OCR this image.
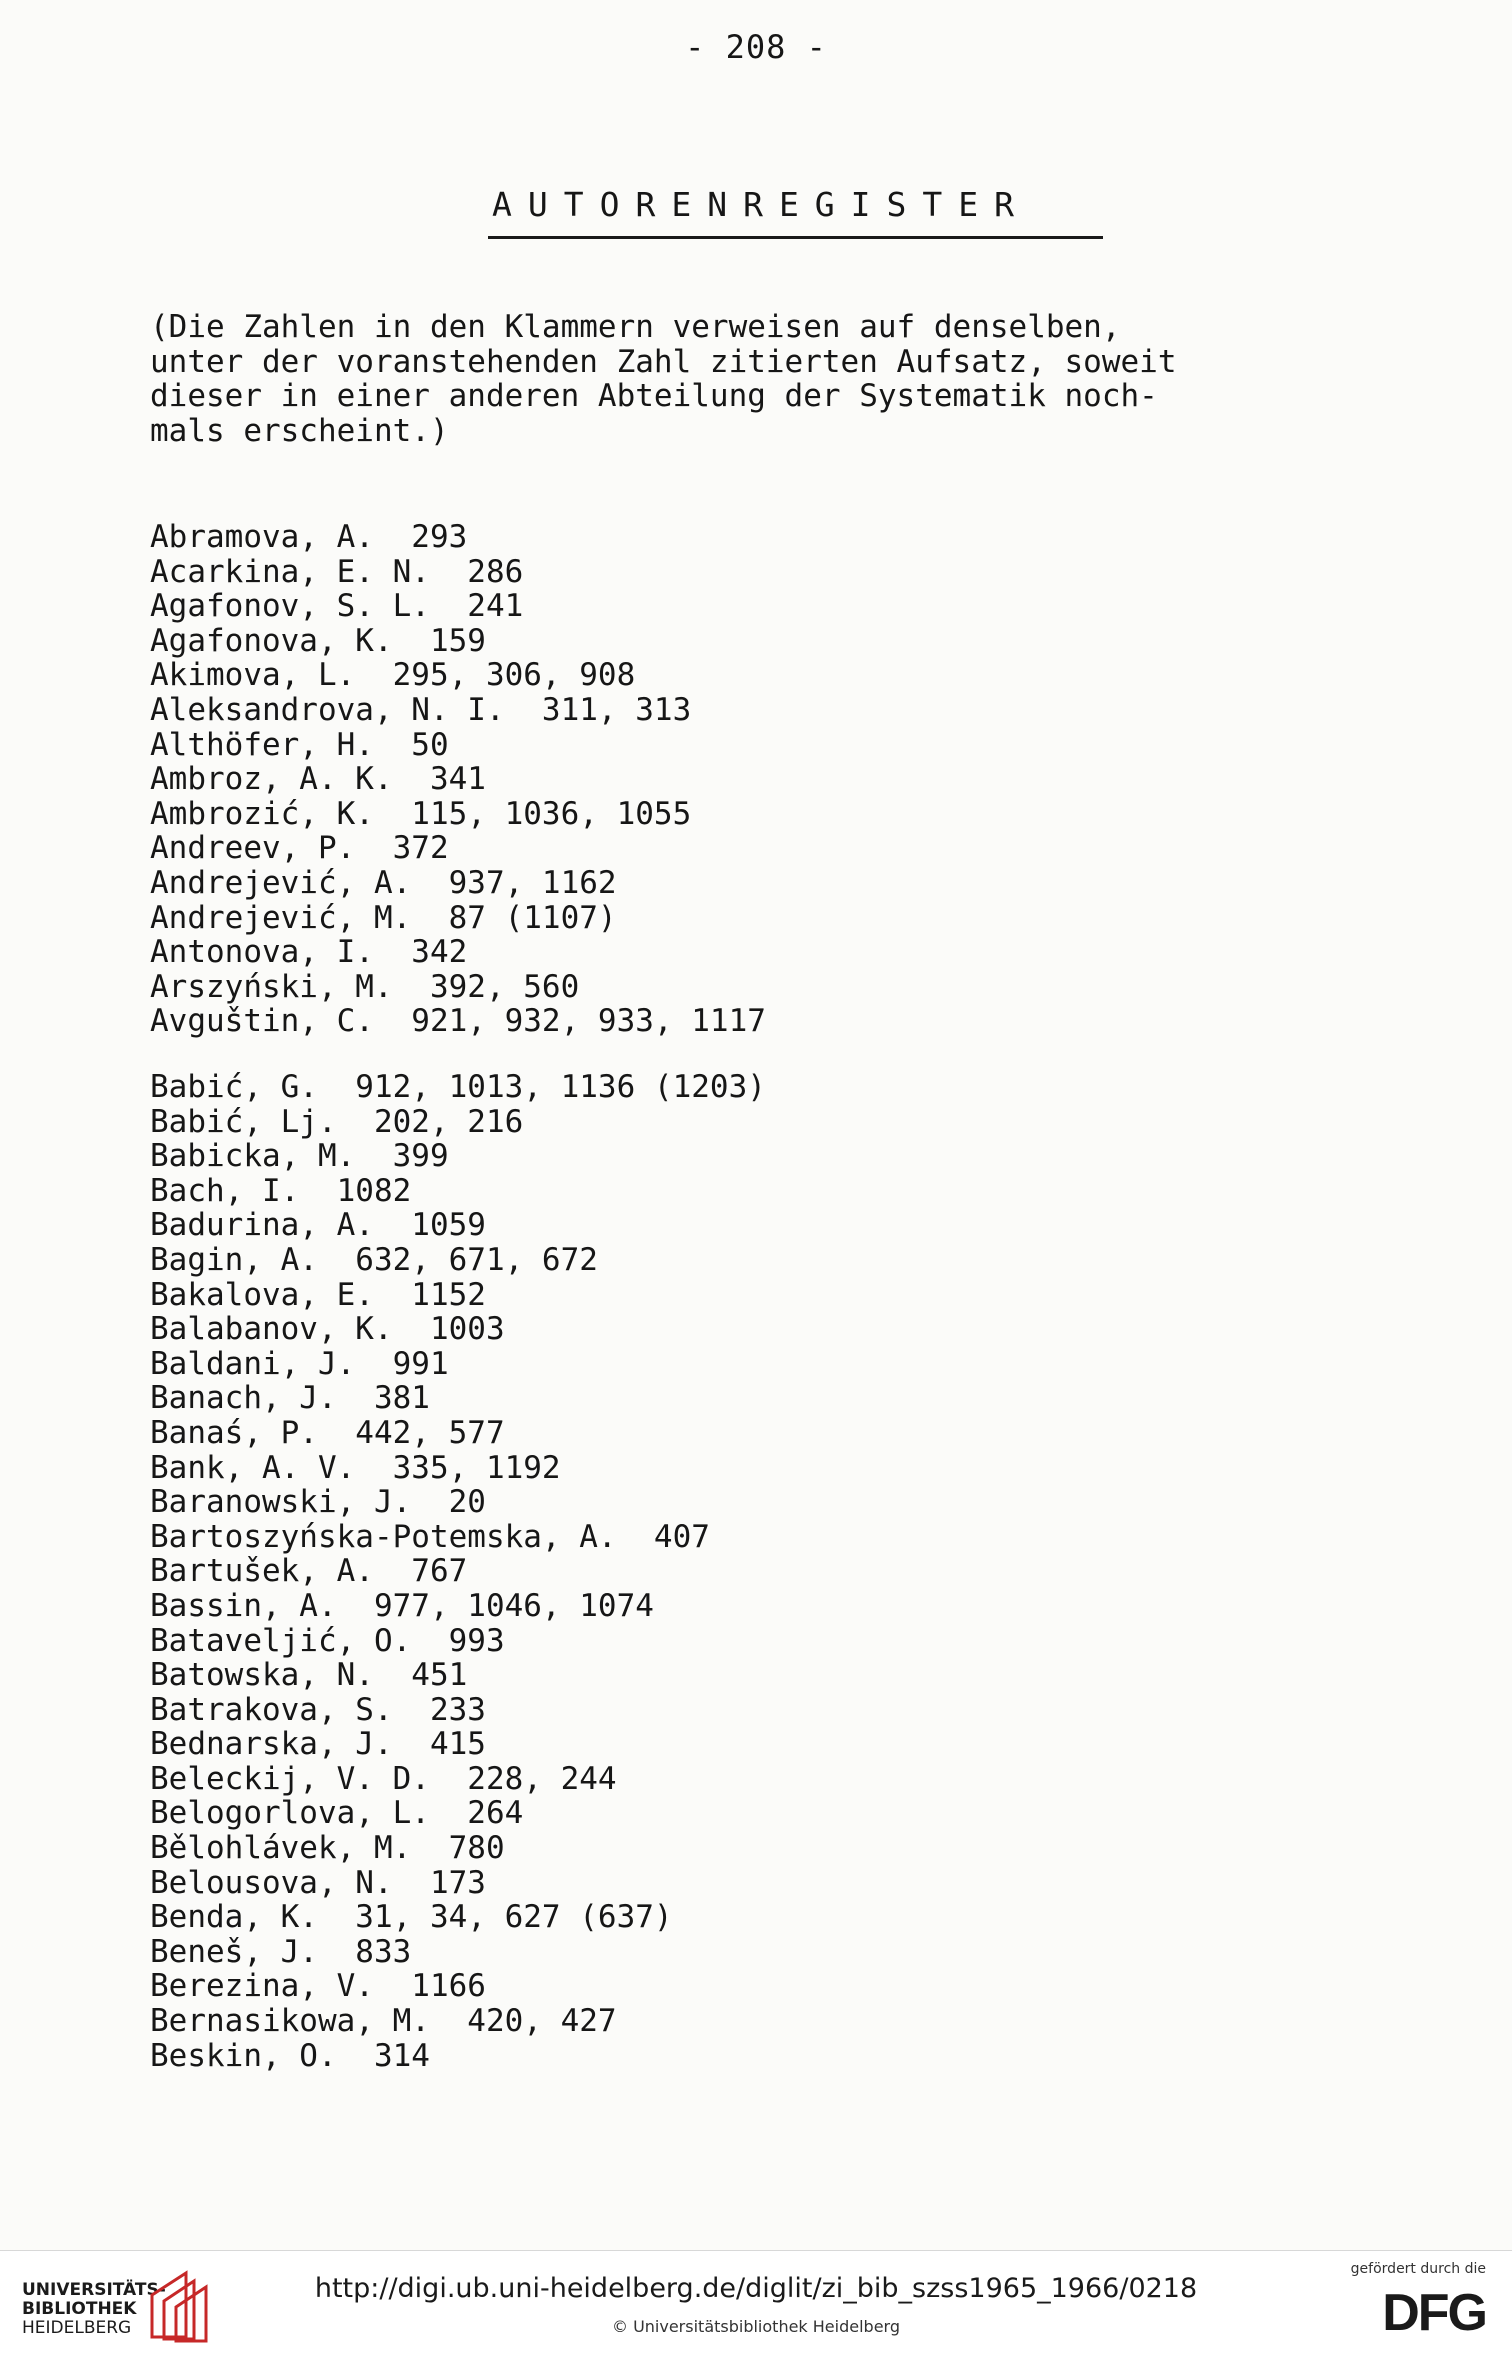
- 208 -
AUTORENREGISTER
(Die Zahlen in den Klammern verweisen auf denselben,
unter der voranstehenden Zahl zitierten Aufsatz, soweit
dieser in einer anderen Abteilung der Systematik noch-
mals erscheint.)
Abramova, A.  293
Acarkina, E. N.  286
Agafonov, S. L.  241
Agafonova, K.  159
Akimova, L.  295, 306, 908
Aleksandrova, N. I.  311, 313
Althöfer, H.  50
Ambroz, A. K.  341
Ambrozić, K.  115, 1036, 1055
Andreev, P.  372
Andrejević, A.  937, 1162
Andrejević, M.  87 (1107)
Antonova, I.  342
Arszyński, M.  392, 560
Avguštin, C.  921, 932, 933, 1117
Babić, G.  912, 1013, 1136 (1203)
Babić, Lj.  202, 216
Babicka, M.  399
Bach, I.  1082
Badurina, A.  1059
Bagin, A.  632, 671, 672
Bakalova, E.  1152
Balabanov, K.  1003
Baldani, J.  991
Banach, J.  381
Banaś, P.  442, 577
Bank, A. V.  335, 1192
Baranowski, J.  20
Bartoszyńska-Potemska, A.  407
Bartušek, A.  767
Bassin, A.  977, 1046, 1074
Bataveljić, O.  993
Batowska, N.  451
Batrakova, S.  233
Bednarska, J.  415
Beleckij, V. D.  228, 244
Belogorlova, L.  264
Bělohlávek, M.  780
Belousova, N.  173
Benda, K.  31, 34, 627 (637)
Beneš, J.  833
Berezina, V.  1166
Bernasikowa, M.  420, 427
Beskin, O.  314
UNIVERSITÄTS-
BIBLIOTHEK
HEIDELBERG
http://digi.ub.uni-heidelberg.de/diglit/zi_bib_szss1965_1966/0218
© Universitätsbibliothek Heidelberg
gefördert durch die
DFG
